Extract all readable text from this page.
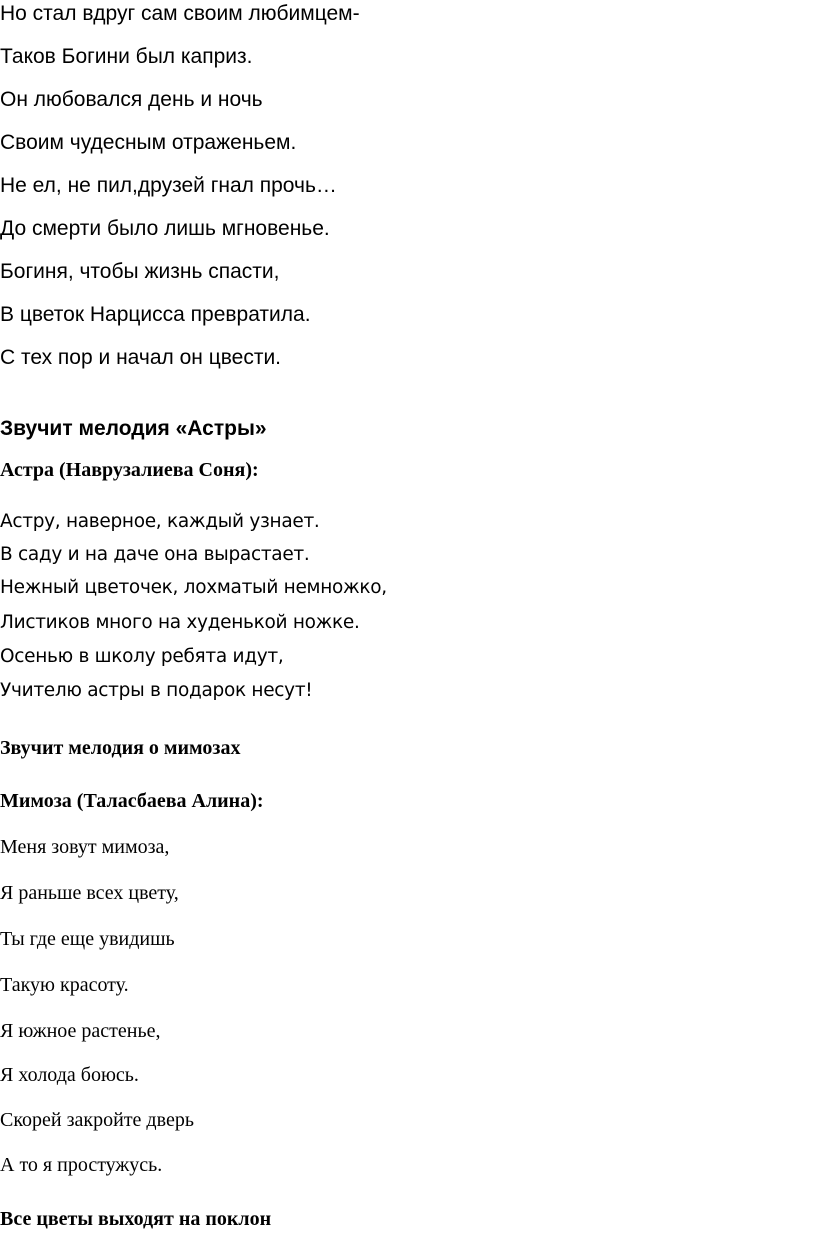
Но стал вдруг сам своим любимцем-
Таков Богини был каприз.
Он любовался день и ночь
Своим чудесным отраженьем.
Не ел, не пил,друзей гнал прочь…
До смерти было лишь мгновенье.
Богиня, чтобы жизнь спасти,
В цветок Нарцисса превратила.
С тех пор и начал он цвести.
Звучит мелодия «Астры»
Астра (Наврузалиева Соня):
Астру, наверное, каждый узнает.
В саду и на даче она вырастает.
Нежный цветочек, лохматый немножко,
Листиков много на худенькой ножке.
Осенью в школу ребята идут,
Учителю астры в подарок несут!
Звучит мелодия о мимозах
Мимоза (Таласбаева Алина):
Меня зовут мимоза,
Я раньше всех цвету,
Ты где еще увидишь
Такую красоту.
Я южное растенье,
Я холода боюсь.
Скорей закройте дверь
А то я простужусь.
Все цветы выходят на поклон
